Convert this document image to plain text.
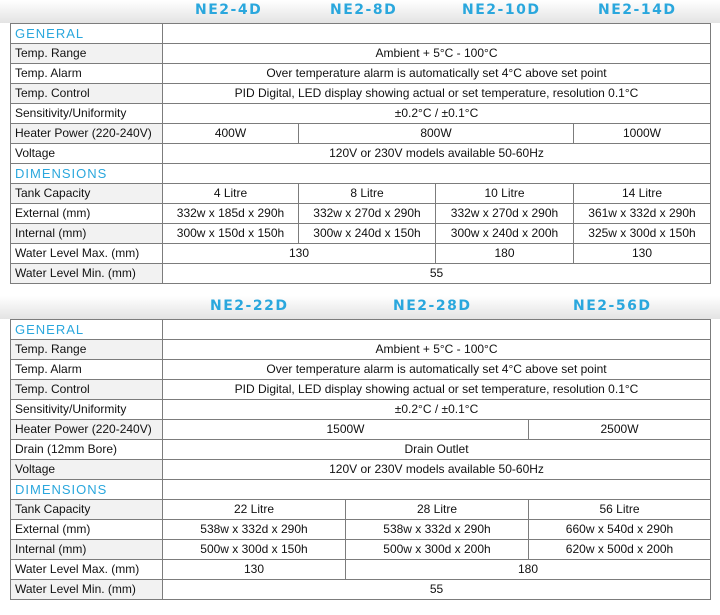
NE2-4D	NE2-8D	NE2-10D	NE2-14D
GENERAL				
Temp. Range	Ambient + 5°C - 100°C			
Temp. Alarm	Over temperature alarm is automatically set 4°C above set point			
Temp. Control	PID Digital, LED display showing actual or set temperature, resolution 0.1°C			
Sensitivity/Uniformity	±0.2°C / ±0.1°C			
Heater Power (220-240V)	400W	800W		1000W
Voltage	120V or 230V models available 50-60Hz			
DIMENSIONS				
Tank Capacity	4 Litre	8 Litre	10 Litre	14 Litre
External (mm)	332w x 185d x 290h	332w x 270d x 290h	332w x 270d x 290h	361w x 332d x 290h
Internal (mm)	300w x 150d x 150h	300w x 240d x 150h	300w x 240d x 200h	325w x 300d x 150h
Water Level Max. (mm)	130		180	130
Water Level Min. (mm)	55			
NE2-22D	NE2-28D	NE2-56D
GENERAL			
Temp. Range	Ambient + 5°C - 100°C		
Temp. Alarm	Over temperature alarm is automatically set 4°C above set point		
Temp. Control	PID Digital, LED display showing actual or set temperature, resolution 0.1°C		
Sensitivity/Uniformity	±0.2°C / ±0.1°C		
Heater Power (220-240V)	1500W		2500W
Drain (12mm Bore)	Drain Outlet		
Voltage	120V or 230V models available 50-60Hz		
DIMENSIONS			
Tank Capacity	22 Litre	28 Litre	56 Litre
External (mm)	538w x 332d x 290h	538w x 332d x 290h	660w x 540d x 290h
Internal (mm)	500w x 300d x 150h	500w x 300d x 200h	620w x 500d x 200h
Water Level Max. (mm)	130	180	
Water Level Min. (mm)	55		
